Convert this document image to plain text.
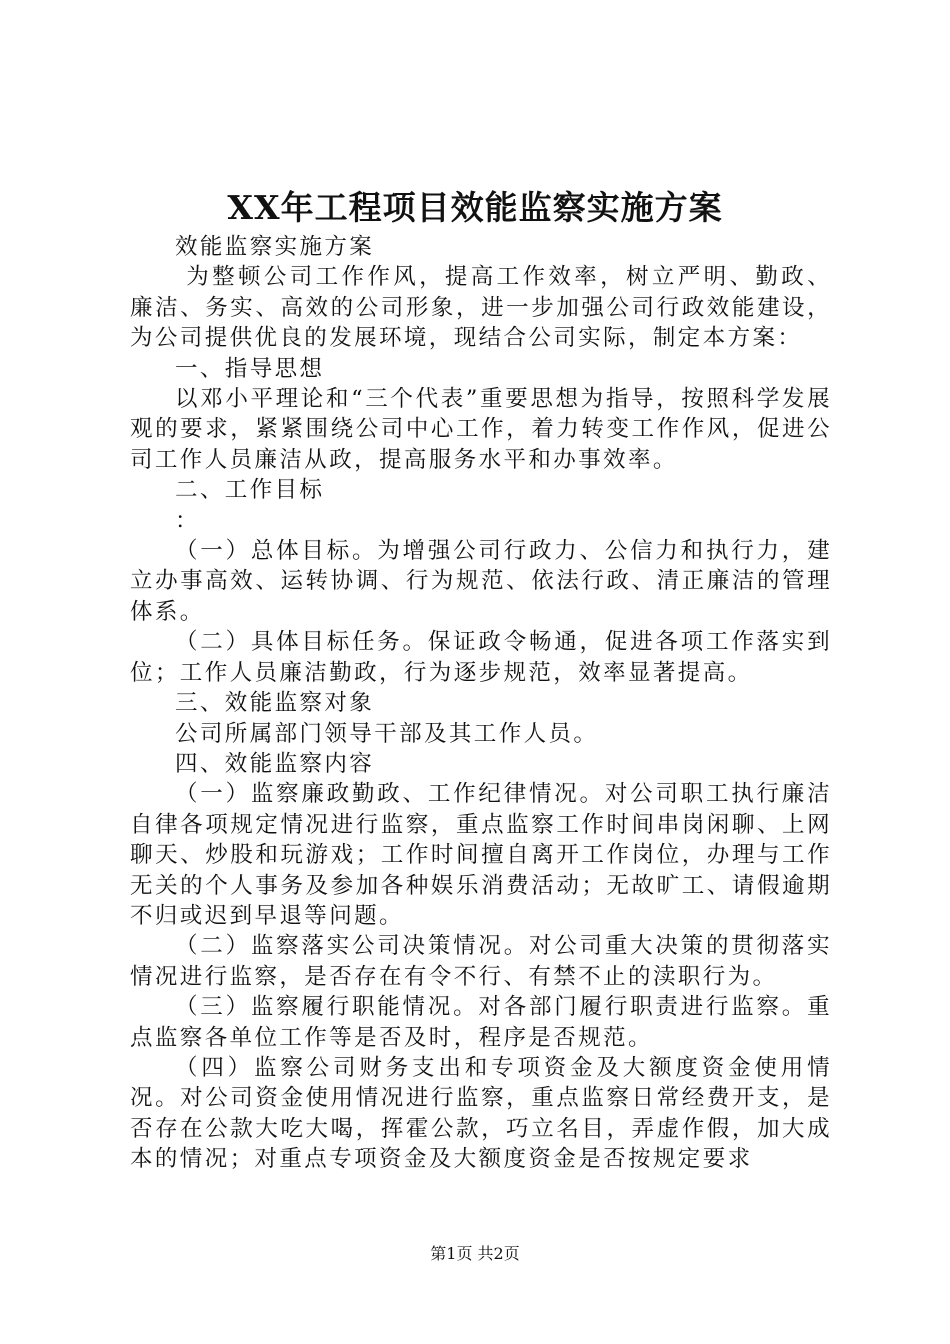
XX年工程项目效能监察实施方案

效能监察实施方案

为整顿公司工作作风，提高工作效率，树立严明、勤政、廉洁、务实、高效的公司形象，进一步加强公司行政效能建设，为公司提供优良的发展环境，现结合公司实际，制定本方案：

一、指导思想

以邓小平理论和“三个代表”重要思想为指导，按照科学发展观的要求，紧紧围绕公司中心工作，着力转变工作作风，促进公司工作人员廉洁从政，提高服务水平和办事效率。

二、工作目标

：

（一）总体目标。为增强公司行政力、公信力和执行力，建立办事高效、运转协调、行为规范、依法行政、清正廉洁的管理体系。

（二）具体目标任务。保证政令畅通，促进各项工作落实到位；工作人员廉洁勤政，行为逐步规范，效率显著提高。

三、效能监察对象

公司所属部门领导干部及其工作人员。

四、效能监察内容

（一）监察廉政勤政、工作纪律情况。对公司职工执行廉洁自律各项规定情况进行监察，重点监察工作时间串岗闲聊、上网聊天、炒股和玩游戏；工作时间擅自离开工作岗位，办理与工作无关的个人事务及参加各种娱乐消费活动；无故旷工、请假逾期不归或迟到早退等问题。

（二）监察落实公司决策情况。对公司重大决策的贯彻落实情况进行监察，是否存在有令不行、有禁不止的渎职行为。

（三）监察履行职能情况。对各部门履行职责进行监察。重点监察各单位工作等是否及时，程序是否规范。

（四）监察公司财务支出和专项资金及大额度资金使用情况。对公司资金使用情况进行监察，重点监察日常经费开支，是否存在公款大吃大喝，挥霍公款，巧立名目，弄虚作假，加大成本的情况；对重点专项资金及大额度资金是否按规定要求

第1页 共2页
